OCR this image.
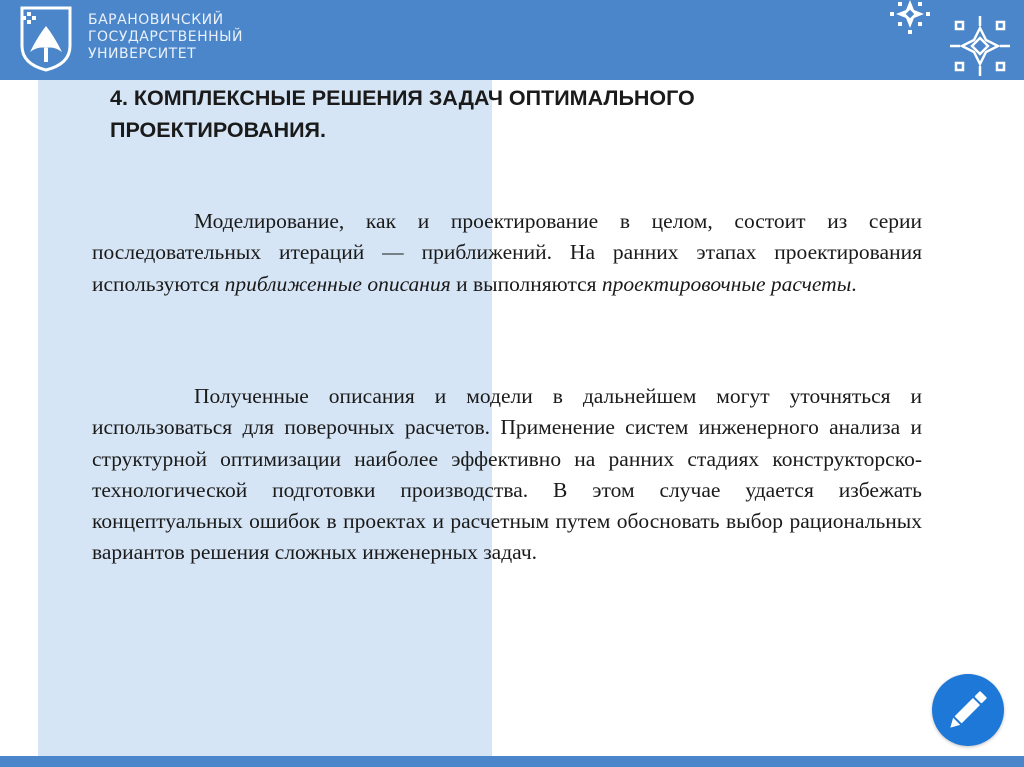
БАРАНОВИЧСКИЙ
ГОСУДАРСТВЕННЫЙ
УНИВЕРСИТЕТ
4. КОМПЛЕКСНЫЕ РЕШЕНИЯ ЗАДАЧ ОПТИМАЛЬНОГО
ПРОЕКТИРОВАНИЯ.
Моделирование, как и проектирование в целом, состоит из серии последовательных итераций — приближений. На ранних этапах проектирования используются приближенные описания и выполняются проектировочные расчеты.
Полученные описания и модели в дальнейшем могут уточняться и использоваться для поверочных расчетов. Применение систем инженерного анализа и структурной оптимизации наиболее эффективно на ранних стадиях конструкторско-технологической подготовки производства. В этом случае удается избежать концептуальных ошибок в проектах и расчетным путем обосновать выбор рациональных вариантов решения сложных инженерных задач.
